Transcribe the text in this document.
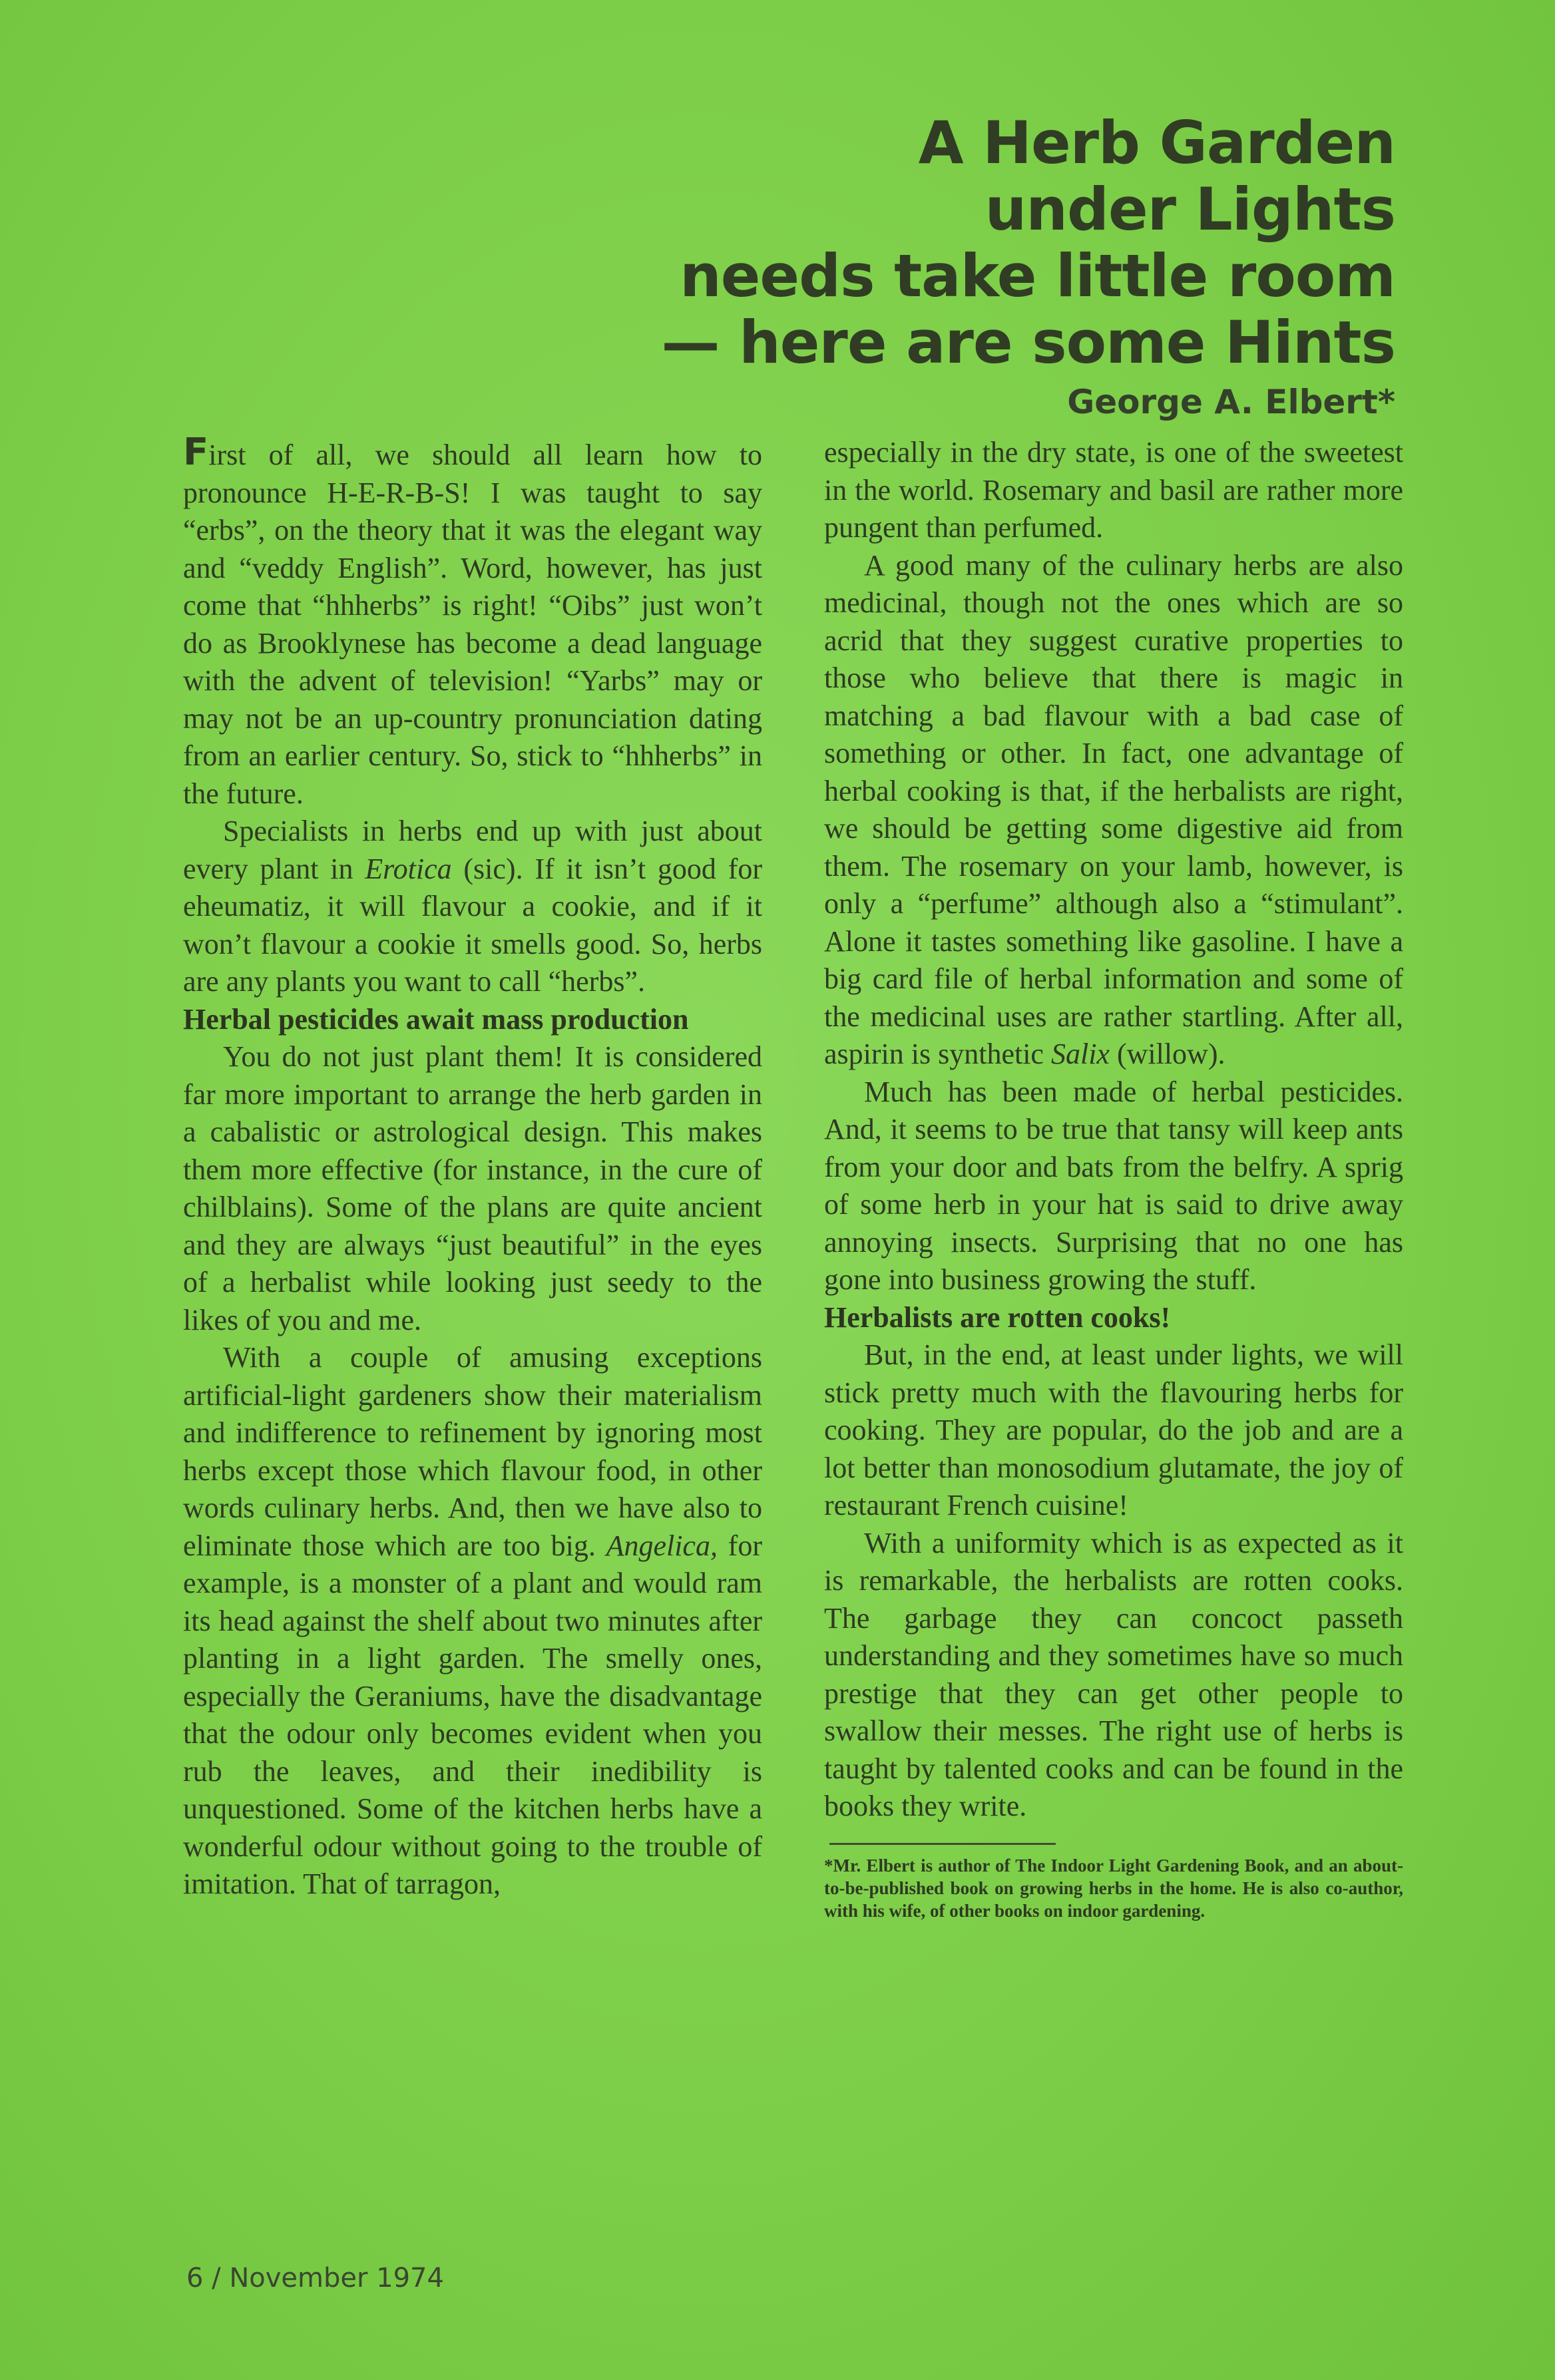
A Herb Garden
under Lights
needs take little room
— here are some Hints
George A. Elbert*

First of all, we should all learn how to pronounce H-E-R-B-S! I was taught to say “erbs”, on the theory that it was the elegant way and “veddy English”. Word, however, has just come that “hhherbs” is right! “Oibs” just won’t do as Brooklynese has become a dead language with the advent of television! “Yarbs” may or may not be an up-country pronunciation dating from an earlier century. So, stick to “hhherbs” in the future.

Specialists in herbs end up with just about every plant in Erotica (sic). If it isn’t good for eheumatiz, it will flavour a cookie, and if it won’t flavour a cookie it smells good. So, herbs are any plants you want to call “herbs”.

Herbal pesticides await mass production

You do not just plant them! It is considered far more important to arrange the herb garden in a cabalistic or astrological design. This makes them more effective (for instance, in the cure of chilblains). Some of the plans are quite ancient and they are always “just beautiful” in the eyes of a herbalist while looking just seedy to the likes of you and me.

With a couple of amusing exceptions artificial-light gardeners show their materialism and indifference to refinement by ignoring most herbs except those which flavour food, in other words culinary herbs. And, then we have also to eliminate those which are too big. Angelica, for example, is a monster of a plant and would ram its head against the shelf about two minutes after planting in a light garden. The smelly ones, especially the Geraniums, have the disadvantage that the odour only becomes evident when you rub the leaves, and their inedibility is unquestioned. Some of the kitchen herbs have a wonderful odour without going to the trouble of imitation. That of tarragon,

especially in the dry state, is one of the sweetest in the world. Rosemary and basil are rather more pungent than perfumed.

A good many of the culinary herbs are also medicinal, though not the ones which are so acrid that they suggest curative properties to those who believe that there is magic in matching a bad flavour with a bad case of something or other. In fact, one advantage of herbal cooking is that, if the herbalists are right, we should be getting some digestive aid from them. The rosemary on your lamb, however, is only a “perfume” although also a “stimulant”. Alone it tastes something like gasoline. I have a big card file of herbal information and some of the medicinal uses are rather startling. After all, aspirin is synthetic Salix (willow).

Much has been made of herbal pesticides. And, it seems to be true that tansy will keep ants from your door and bats from the belfry. A sprig of some herb in your hat is said to drive away annoying insects. Surprising that no one has gone into business growing the stuff.

Herbalists are rotten cooks!

But, in the end, at least under lights, we will stick pretty much with the flavouring herbs for cooking. They are popular, do the job and are a lot better than monosodium glutamate, the joy of restaurant French cuisine!

With a uniformity which is as expected as it is remarkable, the herbalists are rotten cooks. The garbage they can concoct passeth understanding and they sometimes have so much prestige that they can get other people to swallow their messes. The right use of herbs is taught by talented cooks and can be found in the books they write.

*Mr. Elbert is author of The Indoor Light Gardening Book, and an about-to-be-published book on growing herbs in the home. He is also co-author, with his wife, of other books on indoor gardening.
6 / November 1974
